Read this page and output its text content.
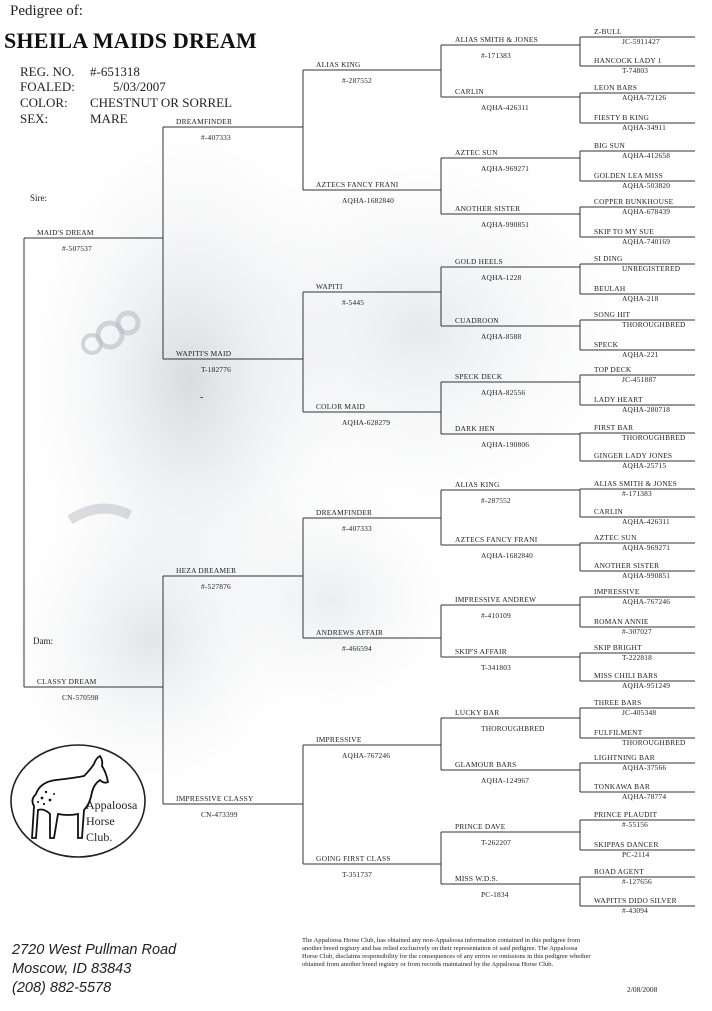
Pedigree of:
SHEILA MAIDS DREAM
REG. NO. #-651318
FOALED:	5/03/2007
COLOR: CHESTNUT OR SORREL
SEX:	MARE
Sire:
Dam:
-
MAID'S DREAM
#-507537
CLASSY DREAM
CN-570598
DREAMFINDER
#-407333
WAPITI'S MAID
T-182776
HEZA DREAMER
#-527876
IMPRESSIVE CLASSY
CN-473399
ALIAS KING
#-287552
AZTECS FANCY FRANI
AQHA-1682840
WAPITI
#-5445
COLOR MAID
AQHA-628279
DREAMFINDER
#-407333
ANDREWS AFFAIR
#-466594
IMPRESSIVE
AQHA-767246
GOING FIRST CLASS
T-351737
ALIAS SMITH & JONES
#-171383
CARLIN
AQHA-426311
AZTEC SUN
AQHA-969271
ANOTHER SISTER
AQHA-990851
GOLD HEELS
AQHA-1228
CUADROON
AQHA-8588
SPECK DECK
AQHA-82556
DARK HEN
AQHA-190806
ALIAS KING
#-287552
AZTECS FANCY FRANI
AQHA-1682840
IMPRESSIVE ANDREW
#-410109
SKIP'S AFFAIR
T-341803
LUCKY BAR
THOROUGHBRED
GLAMOUR BARS
AQHA-124967
PRINCE DAVE
T-262207
MISS W.D.S.
PC-1834
Z-BULL
JC-5911427
HANCOCK LADY 1
T-74803
LEON BARS
AQHA-72126
FIESTY B KING
AQHA-34911
BIG SUN
AQHA-412658
GOLDEN LEA MISS
AQHA-503820
COPPER BUNKHOUSE
AQHA-678439
SKIP TO MY SUE
AQHA-740169
SI DING
UNREGISTERED
BEULAH
AQHA-218
SONG HIT
THOROUGHBRED
SPECK
AQHA-221
TOP DECK
JC-451887
LADY HEART
AQHA-280718
FIRST BAR
THOROUGHBRED
GINGER LADY JONES
AQHA-25715
ALIAS SMITH & JONES
#-171383
CARLIN
AQHA-426311
AZTEC SUN
AQHA-969271
ANOTHER SISTER
AQHA-990851
IMPRESSIVE
AQHA-767246
ROMAN ANNIE
#-307027
SKIP BRIGHT
T-222818
MISS CHILI BARS
AQHA-951249
THREE BARS
JC-405348
FULFILMENT
THOROUGHBRED
LIGHTNING BAR
AQHA-37566
TONKAWA BAR
AQHA-78774
PRINCE PLAUDIT
#-55156
SKIPPAS DANCER
PC-2114
ROAD AGENT
#-127656
WAPITI'S DIDO SILVER
#-43094
Appaloosa
Horse
Club.
2720 West Pullman Road
Moscow, ID 83843
(208) 882-5578
The Appaloosa Horse Club, has obtained any non-Appaloosa information contained in this pedigree from another breed registry and has relied exclusively on their representation of said pedigree. The Appaloosa Horse Club, disclaims responsibility for the consequences of any errors or omissions in this pedigree whether obtained from another breed registry or from records maintained by the Appaloosa Horse Club.
2/08/2008
